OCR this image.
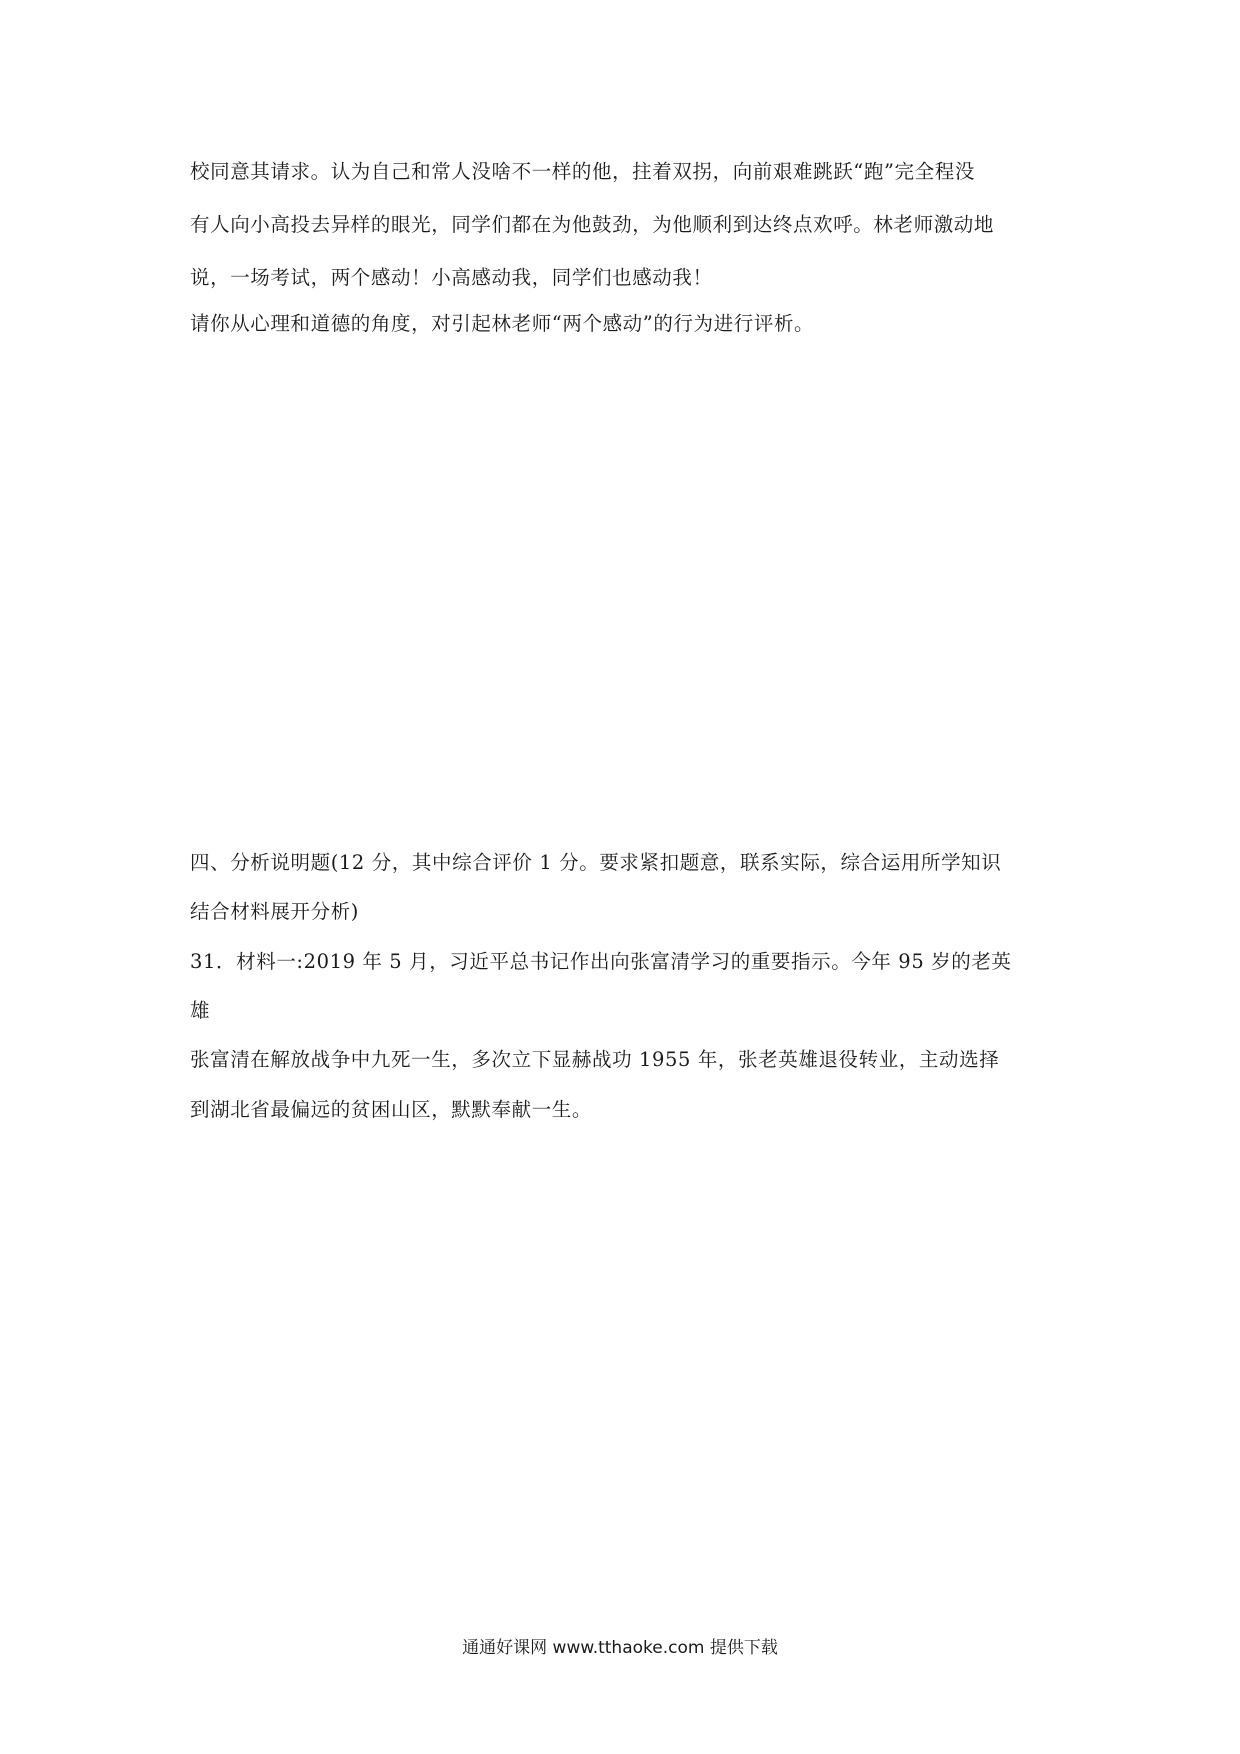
校同意其请求。认为自己和常人没啥不一样的他，拄着双拐，向前艰难跳跃“跑”完全程没
有人向小高投去异样的眼光，同学们都在为他鼓劲，为他顺利到达终点欢呼。林老师激动地
说，一场考试，两个感动！小高感动我，同学们也感动我！
请你从心理和道德的角度，对引起林老师“两个感动”的行为进行评析。
四、分析说明题(12 分，其中综合评价 1 分。要求紧扣题意，联系实际，综合运用所学知识
结合材料展开分析)
31．材料一:2019 年 5 月，习近平总书记作出向张富清学习的重要指示。今年 95 岁的老英
雄
张富清在解放战争中九死一生，多次立下显赫战功 1955 年，张老英雄退役转业，主动选择
到湖北省最偏远的贫困山区，默默奉献一生。
通通好课网 www.tthaoke.com 提供下载
